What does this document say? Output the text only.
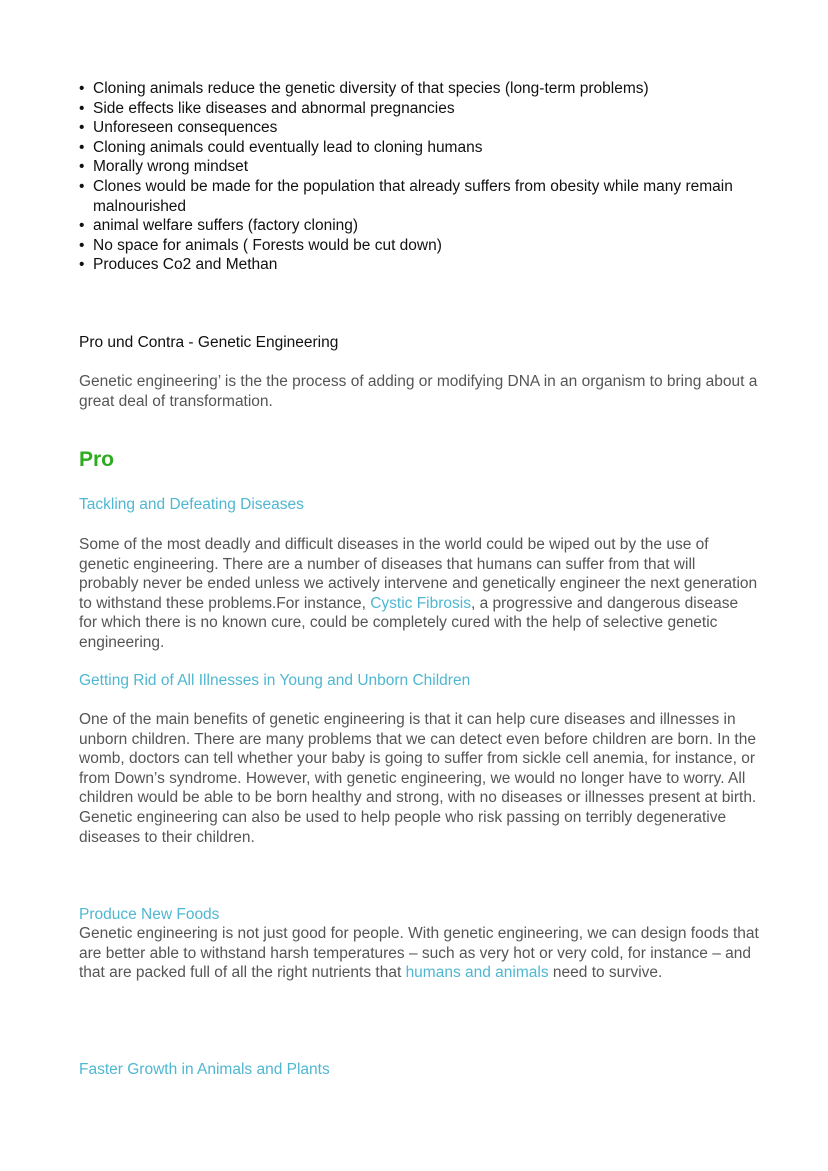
• Cloning animals reduce the genetic diversity of that species (long-term problems)
• Side effects like diseases and abnormal pregnancies
• Unforeseen consequences
• Cloning animals could eventually lead to cloning humans
• Morally wrong mindset
• Clones would be made for the population that already suffers from obesity while many remain malnourished
• animal welfare suffers (factory cloning)
• No space for animals ( Forests would be cut down)
• Produces Co2 and Methan
Pro und Contra - Genetic Engineering

Genetic engineering’ is the the process of adding or modifying DNA in an organism to bring about a great deal of transformation.

Pro
Tackling and Defeating Diseases

Some of the most deadly and difficult diseases in the world could be wiped out by the use of genetic engineering. There are a number of diseases that humans can suffer from that will probably never be ended unless we actively intervene and genetically engineer the next generation to withstand these problems.For instance, Cystic Fibrosis, a progressive and dangerous disease for which there is no known cure, could be completely cured with the help of selective genetic engineering.

Getting Rid of All Illnesses in Young and Unborn Children

One of the main benefits of genetic engineering is that it can help cure diseases and illnesses in unborn children. There are many problems that we can detect even before children are born. In the womb, doctors can tell whether your baby is going to suffer from sickle cell anemia, for instance, or from Down’s syndrome. However, with genetic engineering, we would no longer have to worry. All children would be able to be born healthy and strong, with no diseases or illnesses present at birth. Genetic engineering can also be used to help people who risk passing on terribly degenerative diseases to their children.

Produce New Foods

Genetic engineering is not just good for people. With genetic engineering, we can design foods that are better able to withstand harsh temperatures – such as very hot or very cold, for instance – and that are packed full of all the right nutrients that humans and animals need to survive.

Faster Growth in Animals and Plants
